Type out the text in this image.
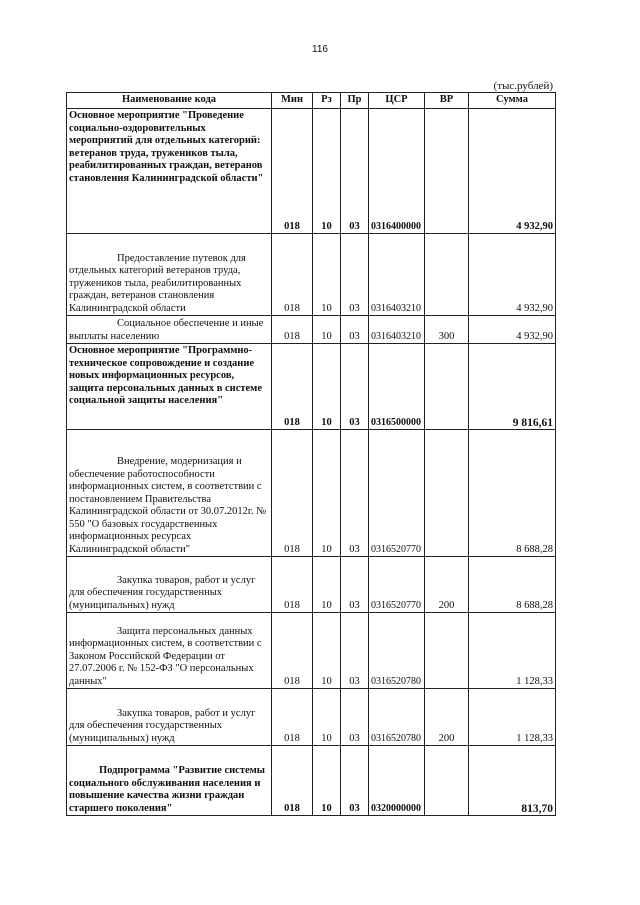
116
(тыс.рублей)
Наименование кода	Мин	Рз	Пр	ЦСР	ВР	Сумма
Основное мероприятие "Проведение социально-оздоровительных мероприятий для отдельных категорий: ветеранов труда, тружеников тыла, реабилитированных граждан, ветеранов становления Калининградской области"	018	10	03	0316400000		4 932,90
Предоставление путевок для отдельных категорий ветеранов труда, тружеников тыла, реабилитированных граждан, ветеранов становления Калининградской области	018	10	03	0316403210		4 932,90
Социальное обеспечение и иные выплаты населению	018	10	03	0316403210	300	4 932,90
Основное мероприятие "Программно-техническое сопровождение и создание новых информационных ресурсов, защита персональных данных в системе социальной защиты населения"	018	10	03	0316500000		9 816,61
Внедрение, модернизация и обеспечение работоспособности информационных систем, в соответствии с постановлением Правительства Калининградской области от 30.07.2012г. № 550 "О базовых государственных информационных ресурсах Калининградской области"	018	10	03	0316520770		8 688,28
Закупка товаров, работ и услуг для обеспечения государственных (муниципальных) нужд	018	10	03	0316520770	200	8 688,28
Защита персональных данных информационных систем, в соответствии с Законом Российской Федерации от 27.07.2006 г. № 152-ФЗ "О персональных данных"	018	10	03	0316520780		1 128,33
Закупка товаров, работ и услуг для обеспечения государственных (муниципальных) нужд	018	10	03	0316520780	200	1 128,33
Подпрограмма "Развитие системы социального обслуживания населения и повышение качества жизни граждан старшего поколения"	018	10	03	0320000000		813,70
